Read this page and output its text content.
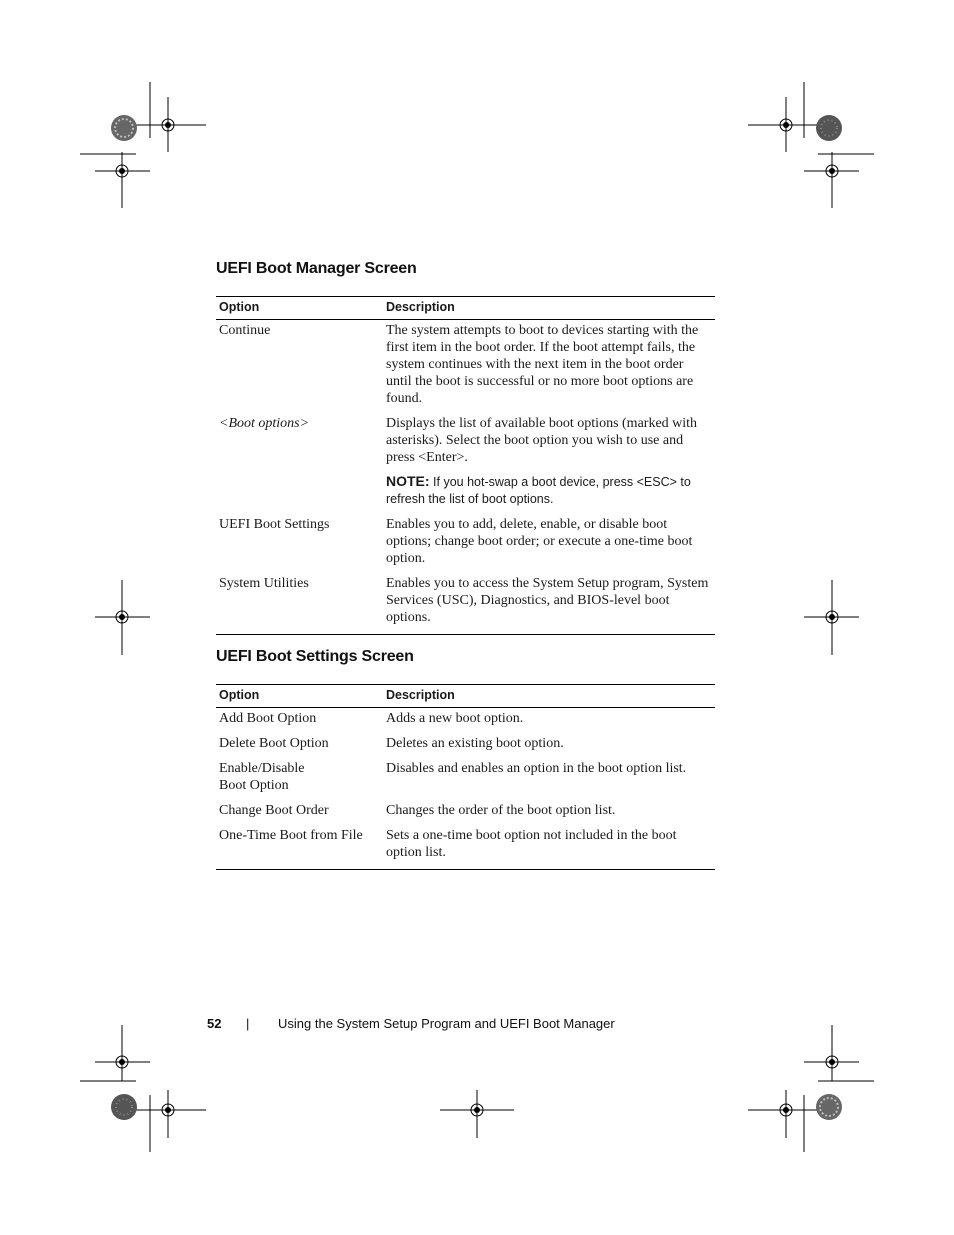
UEFI Boot Manager Screen
Option	Description
Continue	The system attempts to boot to devices starting with the first item in the boot order. If the boot attempt fails, the system continues with the next item in the boot order until the boot is successful or no more boot options are found.
<Boot options>	Displays the list of available boot options (marked with asterisks). Select the boot option you wish to use and press <Enter>.
NOTE: If you hot-swap a boot device, press <ESC> to refresh the list of boot options.

UEFI Boot Settings	Enables you to add, delete, enable, or disable boot options; change boot order; or execute a one-time boot option.
System Utilities	Enables you to access the System Setup program, System Services (USC), Diagnostics, and BIOS-level boot options.
UEFI Boot Settings Screen
Option	Description
Add Boot Option	Adds a new boot option.
Delete Boot Option	Deletes an existing boot option.
Enable/Disable Boot Option	Disables and enables an option in the boot option list.
Change Boot Order	Changes the order of the boot option list.
One-Time Boot from File	Sets a one-time boot option not included in the boot option list.
52 | Using the System Setup Program and UEFI Boot Manager
